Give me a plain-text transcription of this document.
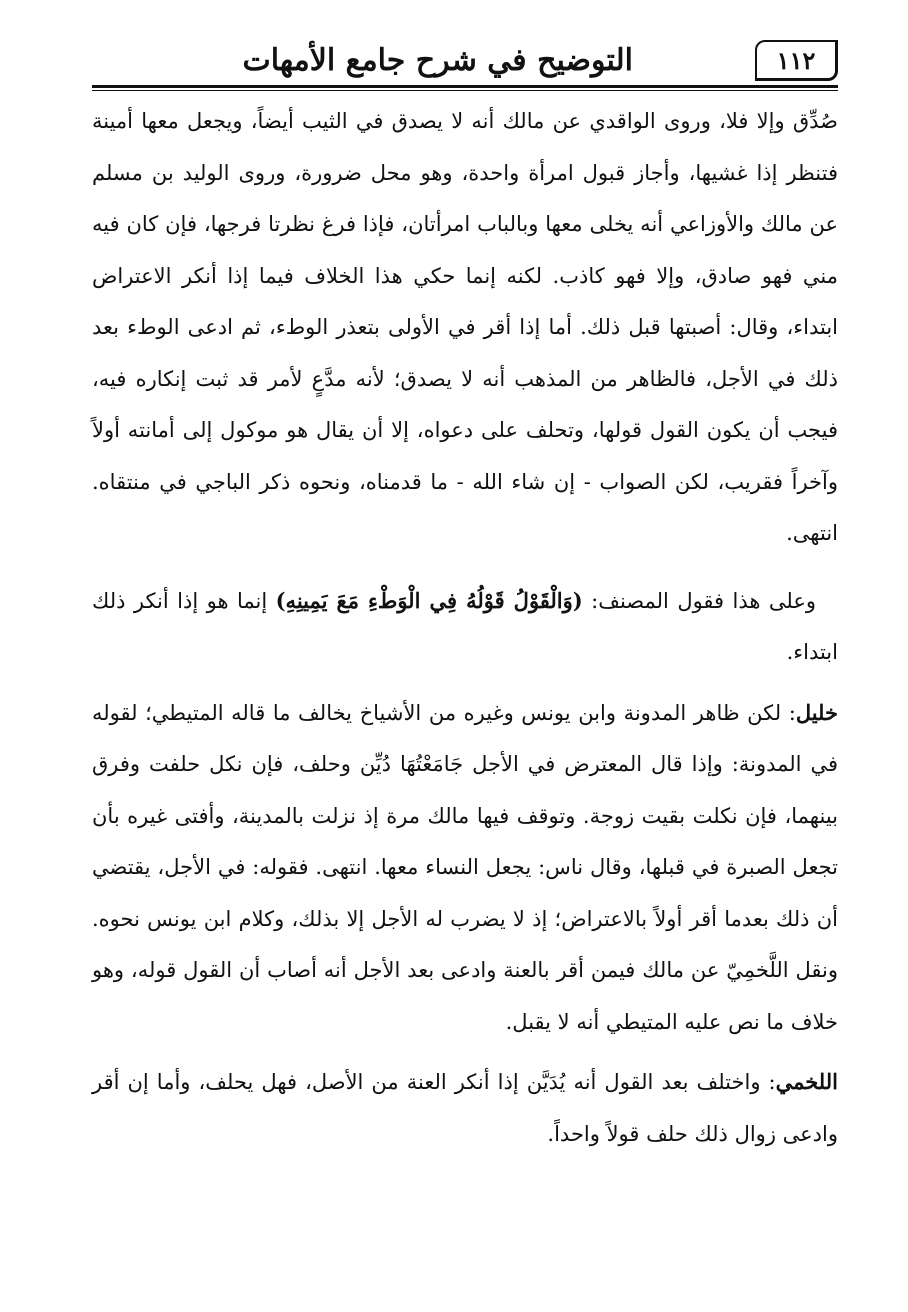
١١٢
التوضيح في شرح جامع الأمهات

صُدِّق وإلا فلا، وروى الواقدي عن مالك أنه لا يصدق في الثيب أيضاً، ويجعل معها أمينة فتنظر إذا غشيها، وأجاز قبول امرأة واحدة، وهو محل ضرورة، وروى الوليد بن مسلم عن مالك والأوزاعي أنه يخلى معها وبالباب امرأتان، فإذا فرغ نظرتا فرجها، فإن كان فيه مني فهو صادق، وإلا فهو كاذب. لكنه إنما حكي هذا الخلاف فيما إذا أنكر الاعتراض ابتداء، وقال: أصبتها قبل ذلك. أما إذا أقر في الأولى بتعذر الوطء، ثم ادعى الوطء بعد ذلك في الأجل، فالظاهر من المذهب أنه لا يصدق؛ لأنه مدَّعٍ لأمر قد ثبت إنكاره فيه، فيجب أن يكون القول قولها، وتحلف على دعواه، إلا أن يقال هو موكول إلى أمانته أولاً وآخراً فقريب، لكن الصواب - إن شاء الله - ما قدمناه، ونحوه ذكر الباجي في منتقاه. انتهى.

وعلى هذا فقول المصنف: (وَالْقَوْلُ قَوْلُهُ فِي الْوَطْءِ مَعَ يَمِينِهِ) إنما هو إذا أنكر ذلك ابتداء.

خليل: لكن ظاهر المدونة وابن يونس وغيره من الأشياخ يخالف ما قاله المتيطي؛ لقوله في المدونة: وإذا قال المعترض في الأجل جَامَعْتُهَا دُيِّن وحلف، فإن نكل حلفت وفرق بينهما، فإن نكلت بقيت زوجة. وتوقف فيها مالك مرة إذ نزلت بالمدينة، وأفتى غيره بأن تجعل الصبرة في قبلها، وقال ناس: يجعل النساء معها. انتهى. فقوله: في الأجل، يقتضي أن ذلك بعدما أقر أولاً بالاعتراض؛ إذ لا يضرب له الأجل إلا بذلك، وكلام ابن يونس نحوه. ونقل اللَّخمِيّ عن مالك فيمن أقر بالعنة وادعى بعد الأجل أنه أصاب أن القول قوله، وهو خلاف ما نص عليه المتيطي أنه لا يقبل.

اللخمي: واختلف بعد القول أنه يُدَيَّن إذا أنكر العنة من الأصل، فهل يحلف، وأما إن أقر وادعى زوال ذلك حلف قولاً واحداً.
